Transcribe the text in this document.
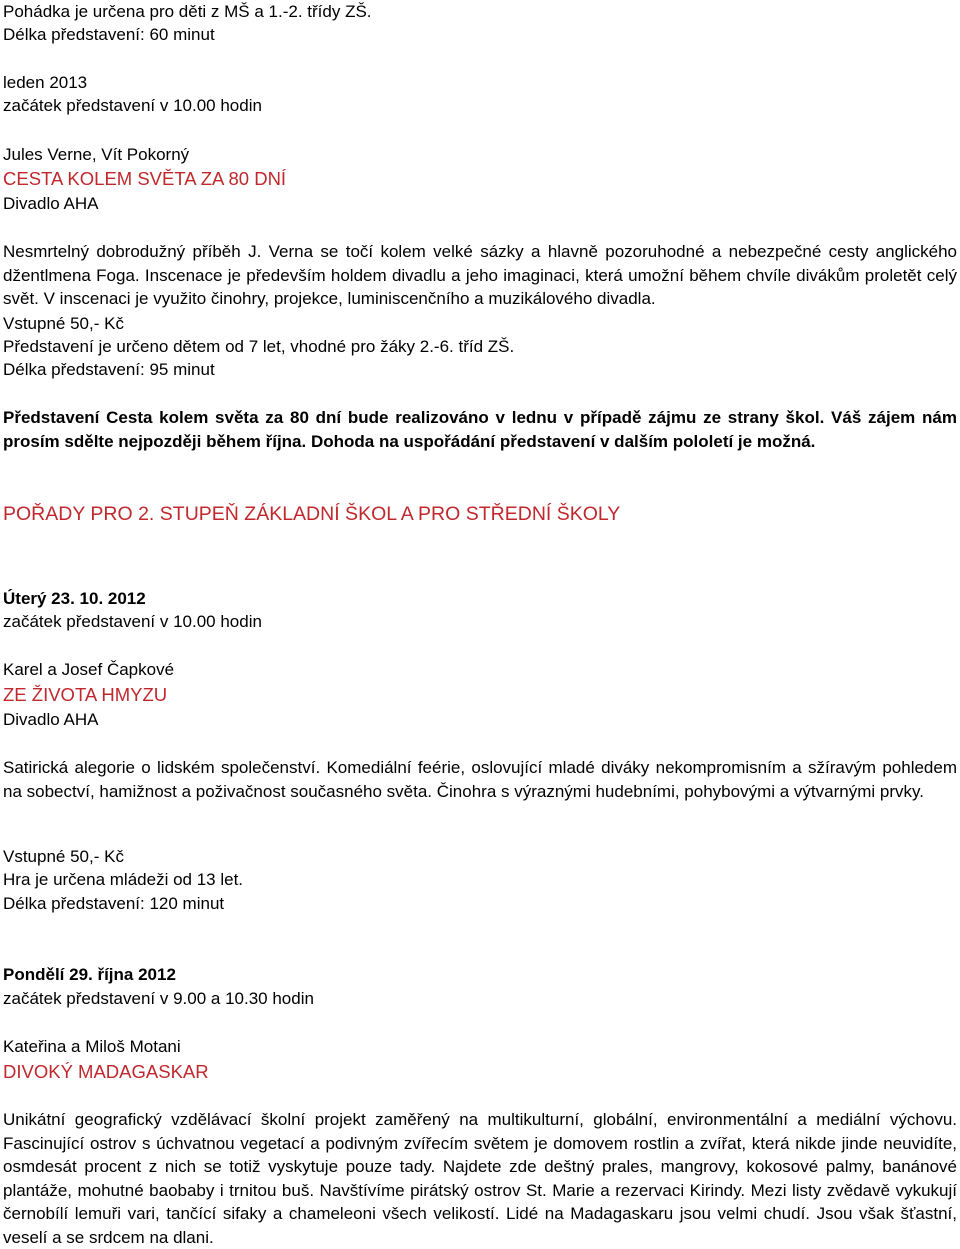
Pohádka je určena pro děti z MŠ a 1.-2. třídy ZŠ.
Délka představení: 60 minut
leden 2013
začátek představení v 10.00 hodin
Jules Verne, Vít Pokorný
CESTA KOLEM SVĚTA ZA 80 DNÍ
Divadlo AHA
Nesmrtelný dobrodužný příběh J. Verna se točí kolem velké sázky a hlavně pozoruhodné a nebezpečné cesty anglického džentlmena Foga. Inscenace je především holdem divadlu a jeho imaginaci, která umožní během chvíle divákům proletět celý svět. V inscenaci je využito činohry, projekce, luminiscenčního a muzikálového divadla.
Vstupné 50,- Kč
Představení je určeno dětem od 7 let, vhodné pro žáky 2.-6. tříd ZŠ.
Délka představení: 95 minut
Představení Cesta kolem světa za 80 dní bude realizováno v lednu v případě zájmu ze strany škol. Váš zájem nám prosím sdělte nejpozději během října. Dohoda na uspořádání představení v dalším pololetí je možná.
POŘADY PRO 2. STUPEŇ ZÁKLADNÍ ŠKOL A PRO STŘEDNÍ ŠKOLY
Úterý 23. 10. 2012
začátek představení v 10.00 hodin
Karel a Josef Čapkové
ZE ŽIVOTA HMYZU
Divadlo AHA
Satirická alegorie o lidském společenství. Komediální feérie, oslovující mladé diváky nekompromisním a sžíravým pohledem na sobectví, hamižnost a poživačnost současného světa. Činohra s výraznými hudebními, pohybovými a výtvarnými prvky.
Vstupné 50,- Kč
Hra je určena mládeži od 13 let.
Délka představení: 120 minut
Pondělí 29. října 2012
začátek představení v 9.00 a 10.30 hodin
Kateřina a Miloš Motani
DIVOKÝ MADAGASKAR
Unikátní geografický vzdělávací školní projekt zaměřený na multikulturní, globální, environmentální a mediální výchovu. Fascinující ostrov s úchvatnou vegetací a podivným zvířecím světem je domovem rostlin a zvířat, která nikde jinde neuvidíte, osmdesát procent z nich se totiž vyskytuje pouze tady. Najdete zde deštný prales, mangrovy, kokosové palmy, banánové plantáže, mohutné baobaby i trnitou buš. Navštívíme pirátský ostrov St. Marie a rezervaci Kirindy. Mezi listy zvědavě vykukují černobílí lemuři vari, tančící sifaky a chameleoni všech velikostí. Lidé na Madagaskaru jsou velmi chudí. Jsou však šťastní, veselí a se srdcem na dlani.
